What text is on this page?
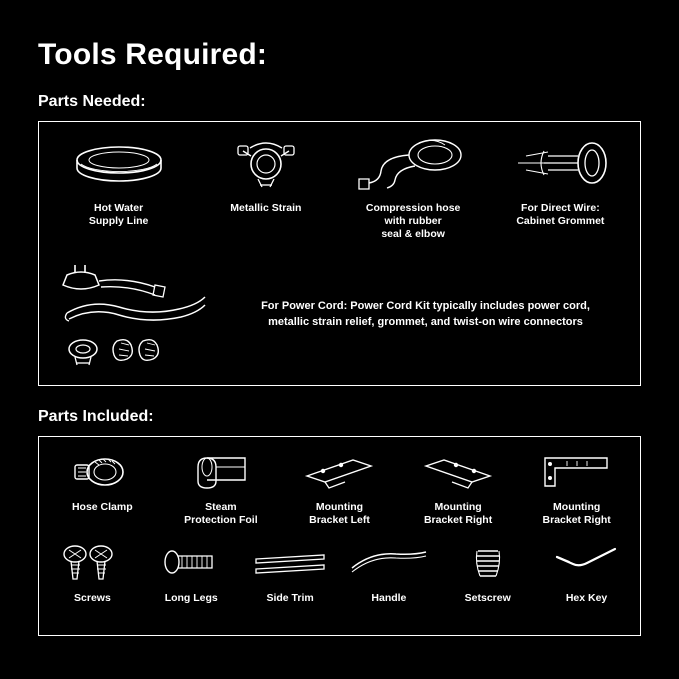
Tools Required:
Parts Needed:
Hot Water
Supply Line
Metallic Strain	Compression hose
with rubber
seal & elbow
For Direct Wire:
Cabinet Grommet
For Power Cord: Power Cord Kit typically includes power cord,
metallic strain relief, grommet, and twist-on wire connectors
Parts Included:
Hose Clamp	Steam
Protection Foil
Mounting
Bracket Left
Mounting
Bracket Right
Mounting
Bracket Right
Screws	Long Legs	Side Trim	Handle	Setscrew	Hex Key
